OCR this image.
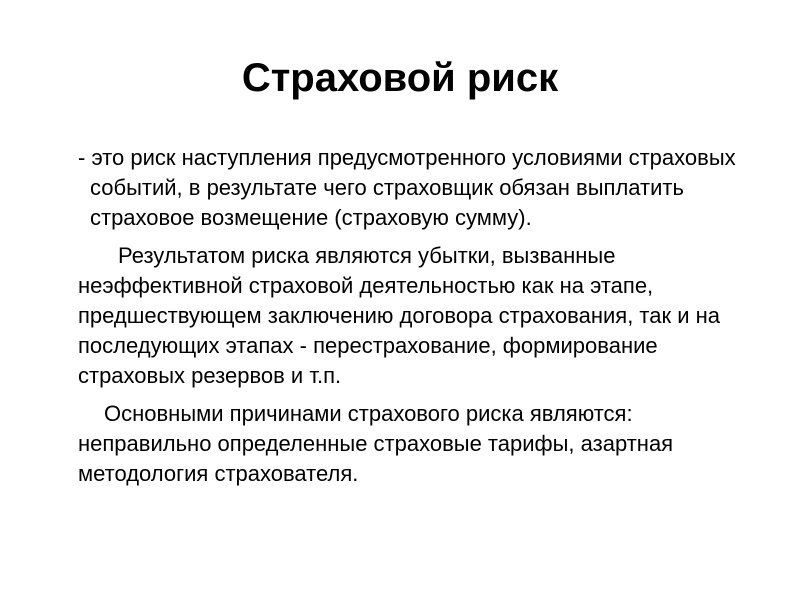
Страховой риск

- это риск наступления предусмотренного условиями страховых событий, в результате чего страховщик обязан выплатить страховое возмещение (страховую сумму).

Результатом риска являются убытки, вызванные неэффективной страховой деятельностью как на этапе, предшествующем заключению договора страхования, так и на последующих этапах - перестрахование, формирование страховых резервов и т.п.

Основными причинами страхового риска являются: неправильно определенные страховые тарифы, азартная методология страхователя.
